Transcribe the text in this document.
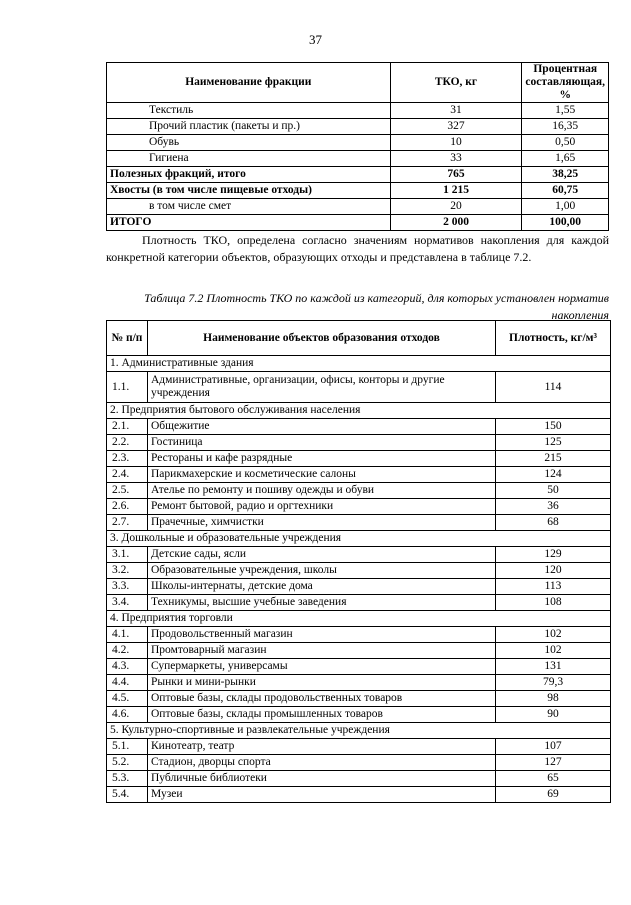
37
Наименование фракции	ТКО, кг	Процентная составляющая, %
Текстиль	31	1,55
Прочий пластик (пакеты и пр.)	327	16,35
Обувь	10	0,50
Гигиена	33	1,65
Полезных фракций, итого	765	38,25
Хвосты (в том числе пищевые отходы)	1 215	60,75
в том числе смет	20	1,00
ИТОГО	2 000	100,00
Плотность ТКО, определена согласно значениям нормативов накопления для каждой конкретной категории объектов, образующих отходы и представлена в таблице 7.2.
Таблица 7.2 Плотность ТКО по каждой из категорий, для которых установлен норматив накопления
№ п/п	Наименование объектов образования отходов	Плотность, кг/м³
1. Административные здания		
1.1.	Административные, организации, офисы, конторы и другие учреждения	114
2. Предприятия бытового обслуживания населения		
2.1.	Общежитие	150
2.2.	Гостиница	125
2.3.	Рестораны и кафе разрядные	215
2.4.	Парикмахерские и косметические салоны	124
2.5.	Ателье по ремонту и пошиву одежды и обуви	50
2.6.	Ремонт бытовой, радио и оргтехники	36
2.7.	Прачечные, химчистки	68
3. Дошкольные и образовательные учреждения		
3.1.	Детские сады, ясли	129
3.2.	Образовательные учреждения, школы	120
3.3.	Школы-интернаты, детские дома	113
3.4.	Техникумы, высшие учебные заведения	108
4. Предприятия торговли		
4.1.	Продовольственный магазин	102
4.2.	Промтоварный магазин	102
4.3.	Супермаркеты, универсамы	131
4.4.	Рынки и мини-рынки	79,3
4.5.	Оптовые базы, склады продовольственных товаров	98
4.6.	Оптовые базы, склады промышленных товаров	90
5. Культурно-спортивные и развлекательные учреждения		
5.1.	Кинотеатр, театр	107
5.2.	Стадион, дворцы спорта	127
5.3.	Публичные библиотеки	65
5.4.	Музеи	69
